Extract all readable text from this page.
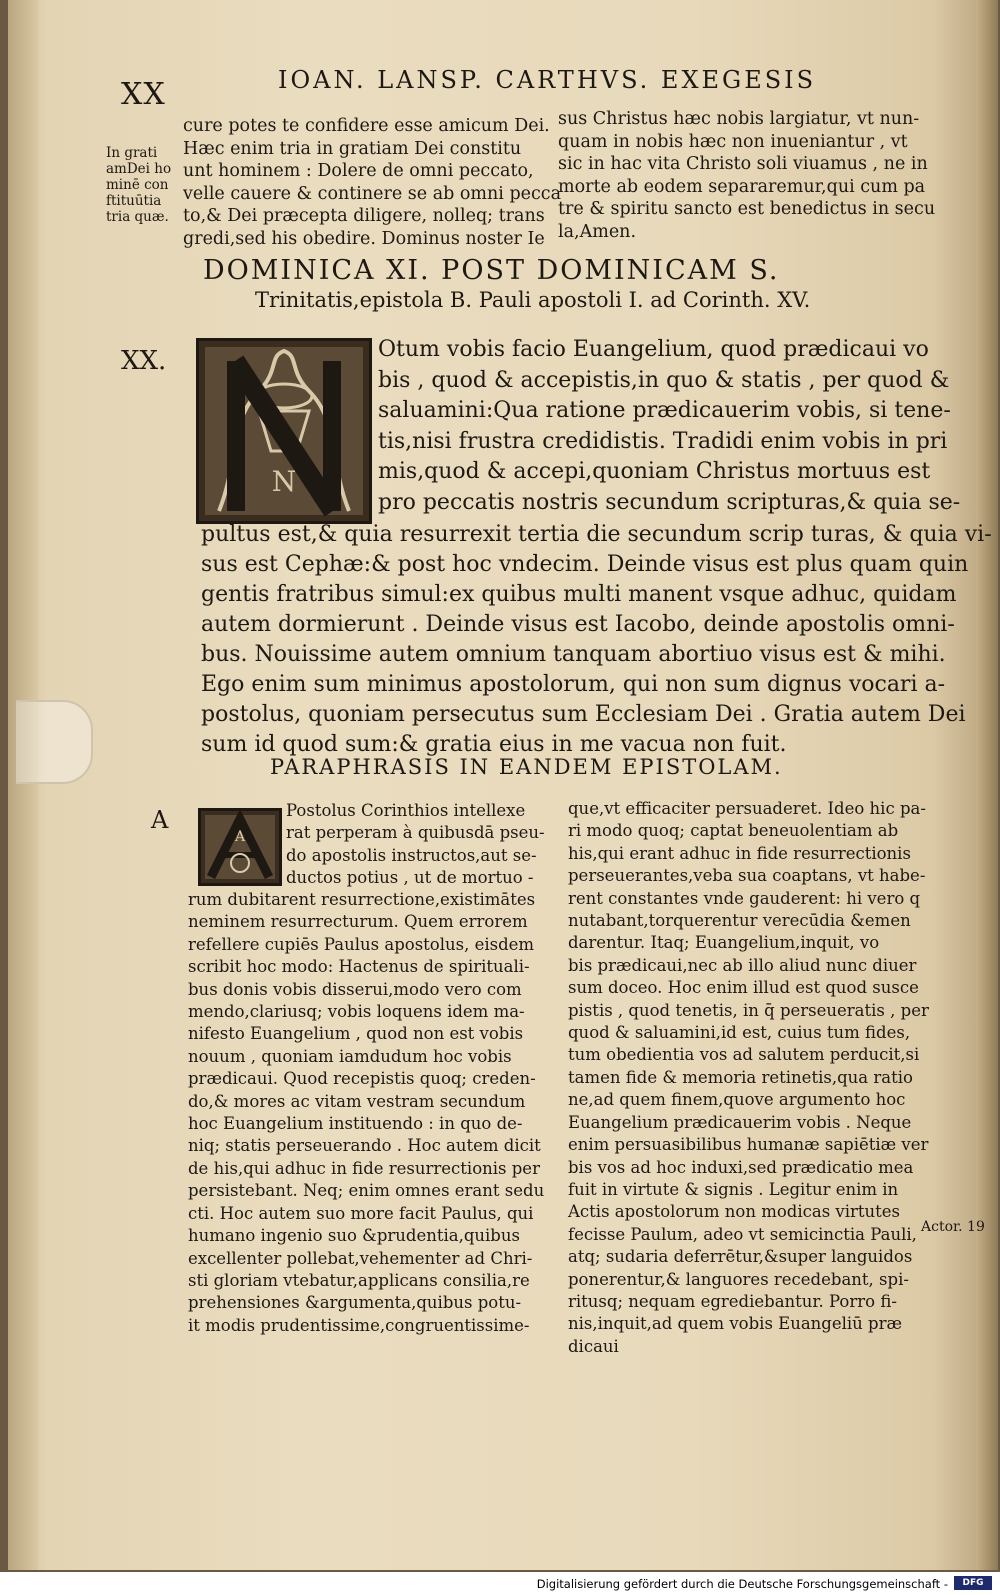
XX	IOAN. LANSP. CARTHVS. EXEGESIS
In grati
amDei ho
minē con
ftituūtia
tria quæ.
cure potes te confidere esse amicum Dei.
Hæc enim tria in gratiam Dei constitu
unt hominem : Dolere de omni peccato,
velle cauere & continere se ab omni pecca
to,& Dei præcepta diligere, nolleq; trans
gredi,sed his obedire. Dominus noster Ie
sus Christus hæc nobis largiatur, vt nun-
quam in nobis hæc non inueniantur , vt
sic in hac vita Christo soli viuamus , ne in
morte ab eodem separaremur,qui cum pa
tre & spiritu sancto est benedictus in secu
la,Amen.
DOMINICA XI. POST DOMINICAM S.
Trinitatis,epistola B. Pauli apostoli I. ad Corinth. XV.
XX.
N
Otum vobis facio Euangelium, quod prædicaui vo
bis , quod & accepistis,in quo & statis , per quod &
saluamini:Qua ratione prædicauerim vobis, si tene-
tis,nisi frustra credidistis. Tradidi enim vobis in pri
mis,quod & accepi,quoniam Christus mortuus est
pro peccatis nostris secundum scripturas,& quia se-
pultus est,& quia resurrexit tertia die secundum scrip turas, & quia vi-
sus est Cephæ:& post hoc vndecim. Deinde visus est plus quam quin
gentis fratribus simul:ex quibus multi manent vsque adhuc, quidam
autem dormierunt . Deinde visus est Iacobo, deinde apostolis omni-
bus. Nouissime autem omnium tanquam abortiuo visus est & mihi.
Ego enim sum minimus apostolorum, qui non sum dignus vocari a-
postolus, quoniam persecutus sum Ecclesiam Dei . Gratia autem Dei
sum id quod sum:& gratia eius in me vacua non fuit.
PARAPHRASIS IN EANDEM EPISTOLAM.
A
A
Postolus Corinthios intellexe
rat perperam à quibusdā pseu-
do apostolis instructos,aut se-
ductos potius , ut de mortuo -
rum dubitarent resurrectione,existimātes
neminem resurrecturum. Quem errorem
refellere cupiēs Paulus apostolus, eisdem
scribit hoc modo: Hactenus de spirituali-
bus donis vobis disserui,modo vero com
mendo,clariusq; vobis loquens idem ma-
nifesto Euangelium , quod non est vobis
nouum , quoniam iamdudum hoc vobis
prædicaui. Quod recepistis quoq; creden-
do,& mores ac vitam vestram secundum
hoc Euangelium instituendo : in quo de-
niq; statis perseuerando . Hoc autem dicit
de his,qui adhuc in fide resurrectionis per
persistebant. Neq; enim omnes erant sedu
cti. Hoc autem suo more facit Paulus, qui
humano ingenio suo &prudentia,quibus
excellenter pollebat,vehementer ad Chri-
sti gloriam vtebatur,applicans consilia,re
prehensiones &argumenta,quibus potu-
it modis prudentissime,congruentissime-
que,vt efficaciter persuaderet. Ideo hic pa-
ri modo quoq; captat beneuolentiam ab
his,qui erant adhuc in fide resurrectionis
perseuerantes,veba sua coaptans, vt habe-
rent constantes vnde gauderent: hi vero q
nutabant,torquerentur verecūdia &emen
darentur. Itaq; Euangelium,inquit, vo
bis prædicaui,nec ab illo aliud nunc diuer
sum doceo. Hoc enim illud est quod susce
pistis , quod tenetis, in q̄ perseueratis , per
quod & saluamini,id est, cuius tum fides,
tum obedientia vos ad salutem perducit,si
tamen fide & memoria retinetis,qua ratio
ne,ad quem finem,quove argumento hoc
Euangelium prædicauerim vobis . Neque
enim persuasibilibus humanæ sapiētiæ ver
bis vos ad hoc induxi,sed prædicatio mea
fuit in virtute & signis . Legitur enim in
Actis apostolorum non modicas virtutes
fecisse Paulum, adeo vt semicinctia Pauli,
atq; sudaria deferrētur,&super languidos
ponerentur,& languores recedebant, spi-
ritusq; nequam egrediebantur. Porro fi-
nis,inquit,ad quem vobis Euangeliū præ
dicaui
Actor. 19
Digitalisierung gefördert durch die Deutsche Forschungsgemeinschaft -	DFG
